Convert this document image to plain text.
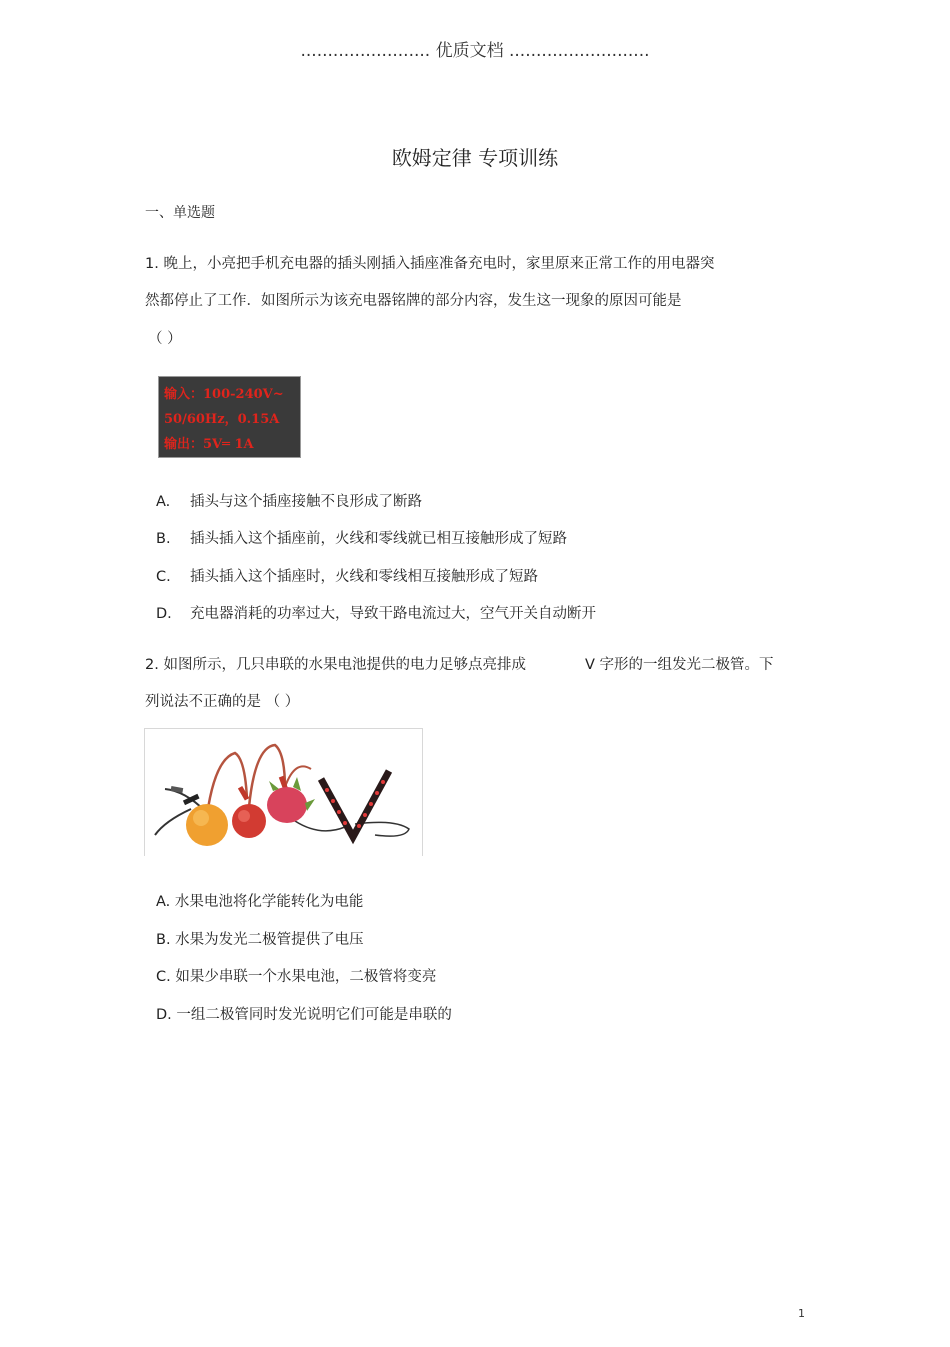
........................ 优质文档 ..........................
欧姆定律 专项训练
一、单选题
1. 晚上，小亮把手机充电器的插头刚插入插座准备充电时，家里原来正常工作的用电器突
然都停止了工作．如图所示为该充电器铭牌的部分内容，发生这一现象的原因可能是
（ ）
输入：100-240V~
50/60Hz，0.15A
输出：5V═ 1A
A. 插头与这个插座接触不良形成了断路
B. 插头插入这个插座前，火线和零线就已相互接触形成了短路
C. 插头插入这个插座时，火线和零线相互接触形成了短路
D. 充电器消耗的功率过大，导致干路电流过大，空气开关自动断开
2. 如图所示，几只串联的水果电池提供的电力足够点亮排成	V 字形的一组发光二极管。下
列说法不正确的是 （ ）
A. 水果电池将化学能转化为电能
B. 水果为发光二极管提供了电压
C. 如果少串联一个水果电池，二极管将变亮
D. 一组二极管同时发光说明它们可能是串联的
1
